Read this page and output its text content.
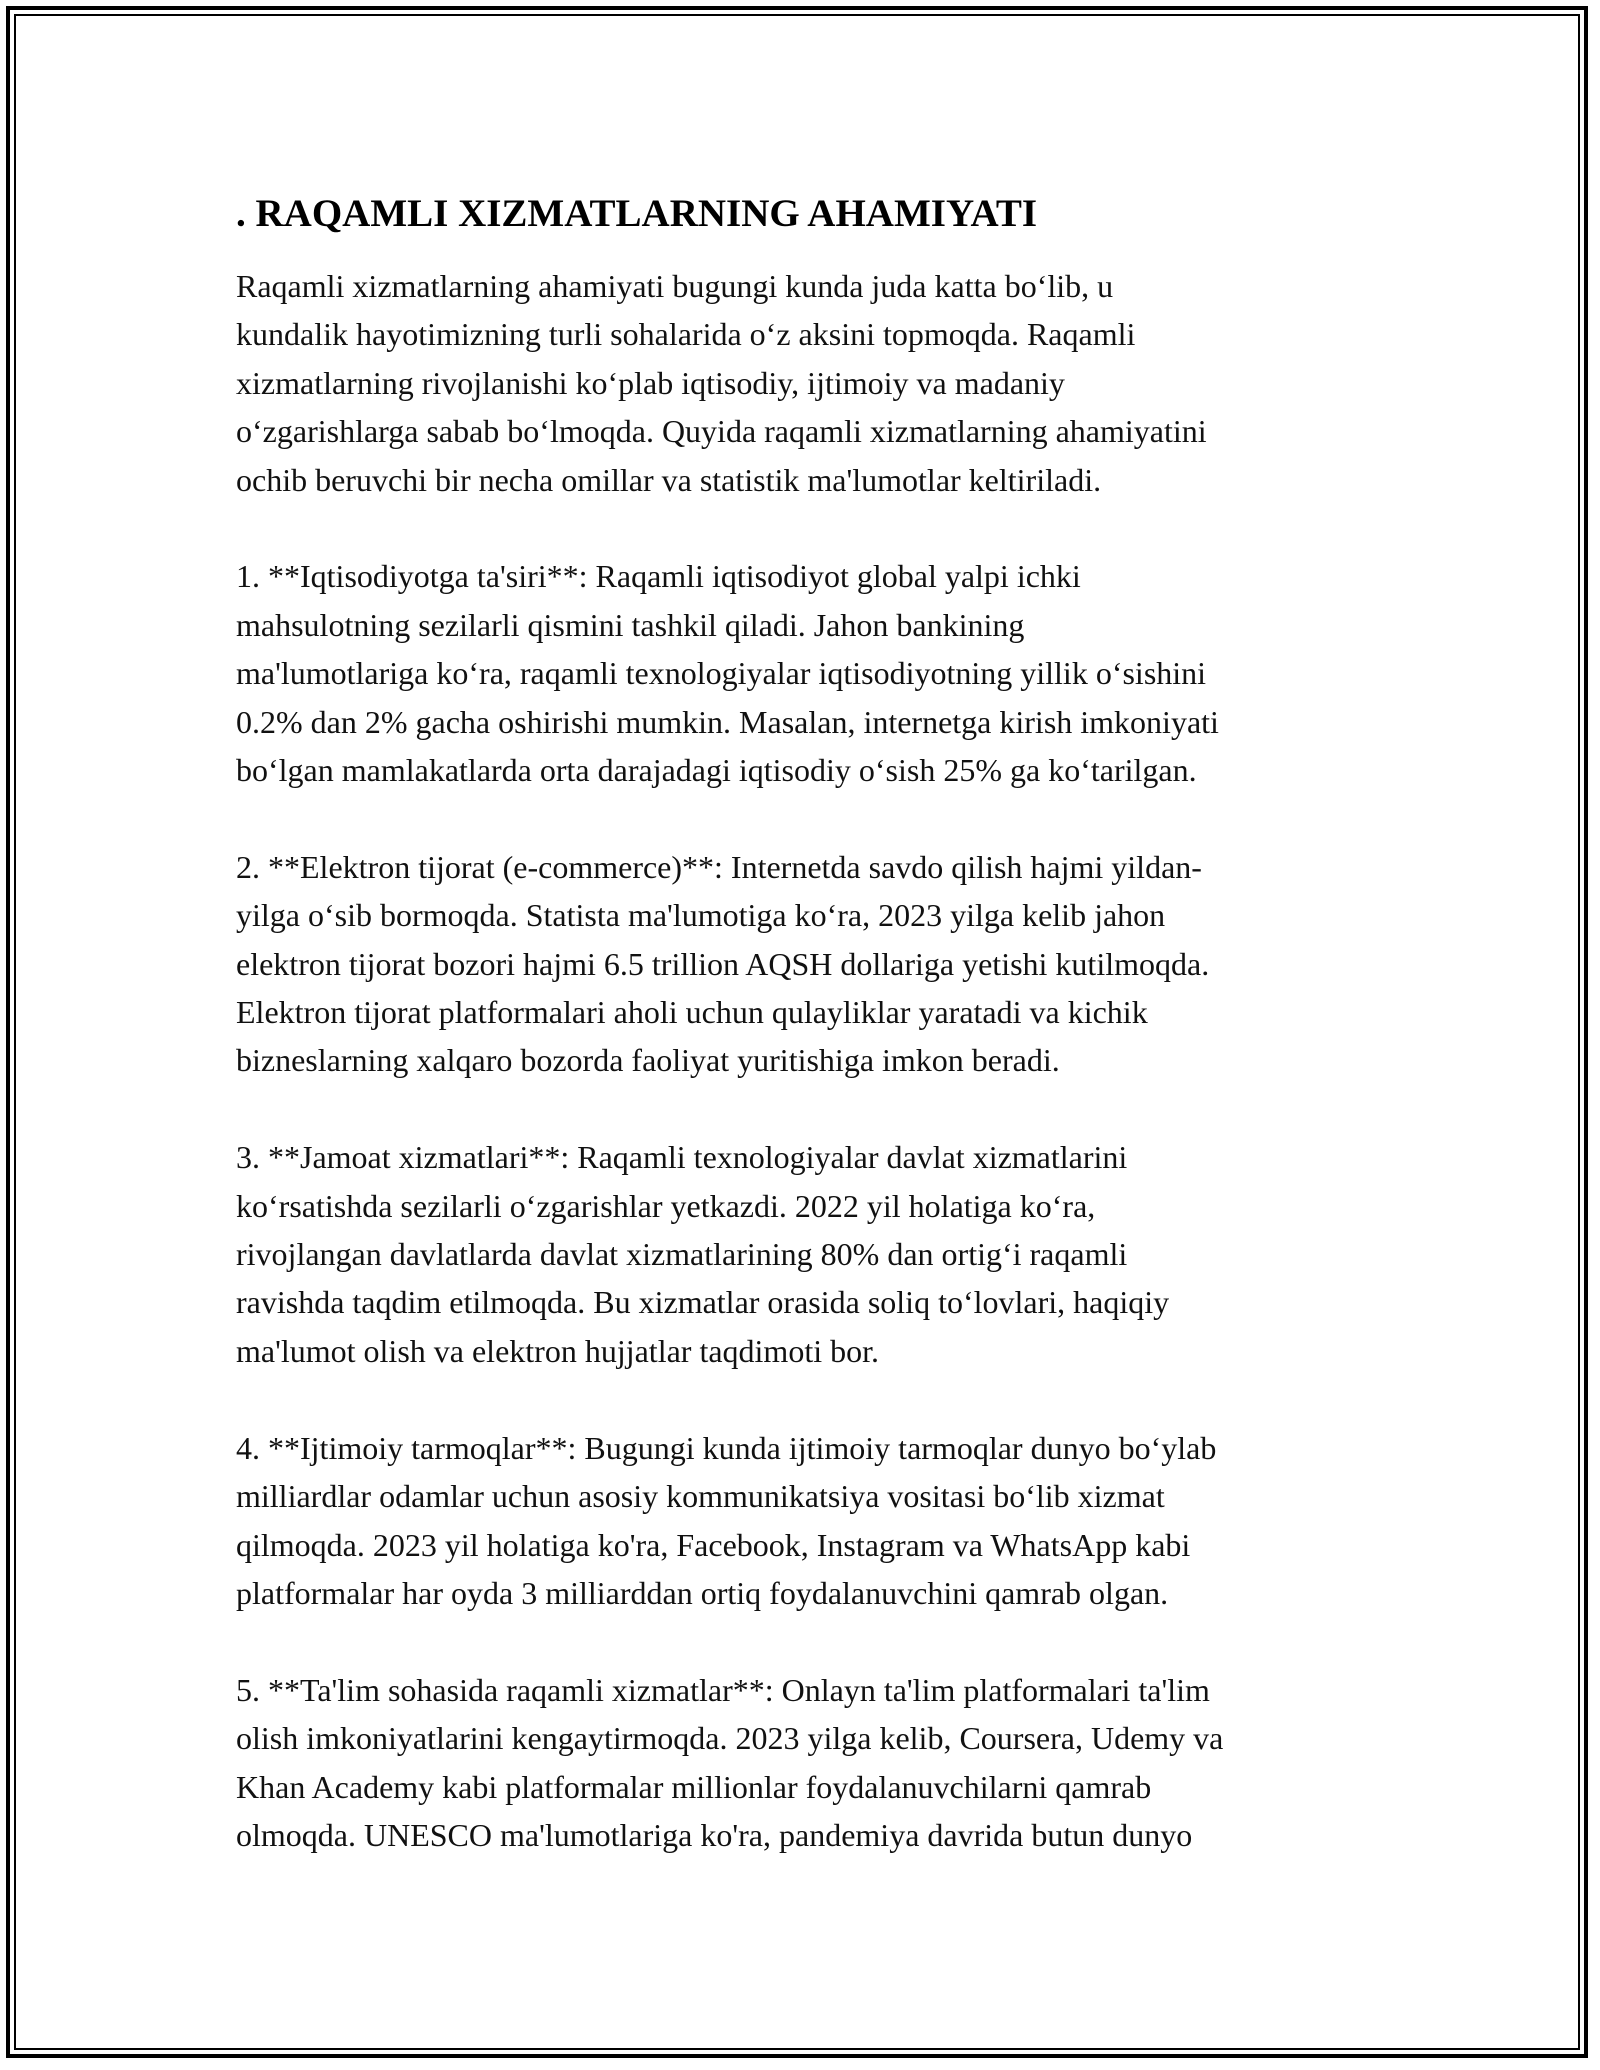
. RAQAMLI XIZMATLARNING AHAMIYATI

Raqamli xizmatlarning ahamiyati bugungi kunda juda katta bo‘lib, u
kundalik hayotimizning turli sohalarida o‘z aksini topmoqda. Raqamli
xizmatlarning rivojlanishi ko‘plab iqtisodiy, ijtimoiy va madaniy
o‘zgarishlarga sabab bo‘lmoqda. Quyida raqamli xizmatlarning ahamiyatini
ochib beruvchi bir necha omillar va statistik ma'lumotlar keltiriladi.

1. **Iqtisodiyotga ta'siri**: Raqamli iqtisodiyot global yalpi ichki
mahsulotning sezilarli qismini tashkil qiladi. Jahon bankining
ma'lumotlariga ko‘ra, raqamli texnologiyalar iqtisodiyotning yillik o‘sishini
0.2% dan 2% gacha oshirishi mumkin. Masalan, internetga kirish imkoniyati
bo‘lgan mamlakatlarda orta darajadagi iqtisodiy o‘sish 25% ga ko‘tarilgan.

2. **Elektron tijorat (e-commerce)**: Internetda savdo qilish hajmi yildan-
yilga o‘sib bormoqda. Statista ma'lumotiga ko‘ra, 2023 yilga kelib jahon
elektron tijorat bozori hajmi 6.5 trillion AQSH dollariga yetishi kutilmoqda.
Elektron tijorat platformalari aholi uchun qulayliklar yaratadi va kichik
bizneslarning xalqaro bozorda faoliyat yuritishiga imkon beradi.

3. **Jamoat xizmatlari**: Raqamli texnologiyalar davlat xizmatlarini
ko‘rsatishda sezilarli o‘zgarishlar yetkazdi. 2022 yil holatiga ko‘ra,
rivojlangan davlatlarda davlat xizmatlarining 80% dan ortig‘i raqamli
ravishda taqdim etilmoqda. Bu xizmatlar orasida soliq to‘lovlari, haqiqiy
ma'lumot olish va elektron hujjatlar taqdimoti bor.

4. **Ijtimoiy tarmoqlar**: Bugungi kunda ijtimoiy tarmoqlar dunyo bo‘ylab
milliardlar odamlar uchun asosiy kommunikatsiya vositasi bo‘lib xizmat
qilmoqda. 2023 yil holatiga ko'ra, Facebook, Instagram va WhatsApp kabi
platformalar har oyda 3 milliarddan ortiq foydalanuvchini qamrab olgan.

5. **Ta'lim sohasida raqamli xizmatlar**: Onlayn ta'lim platformalari ta'lim
olish imkoniyatlarini kengaytirmoqda. 2023 yilga kelib, Coursera, Udemy va
Khan Academy kabi platformalar millionlar foydalanuvchilarni qamrab
olmoqda. UNESCO ma'lumotlariga ko'ra, pandemiya davrida butun dunyo
